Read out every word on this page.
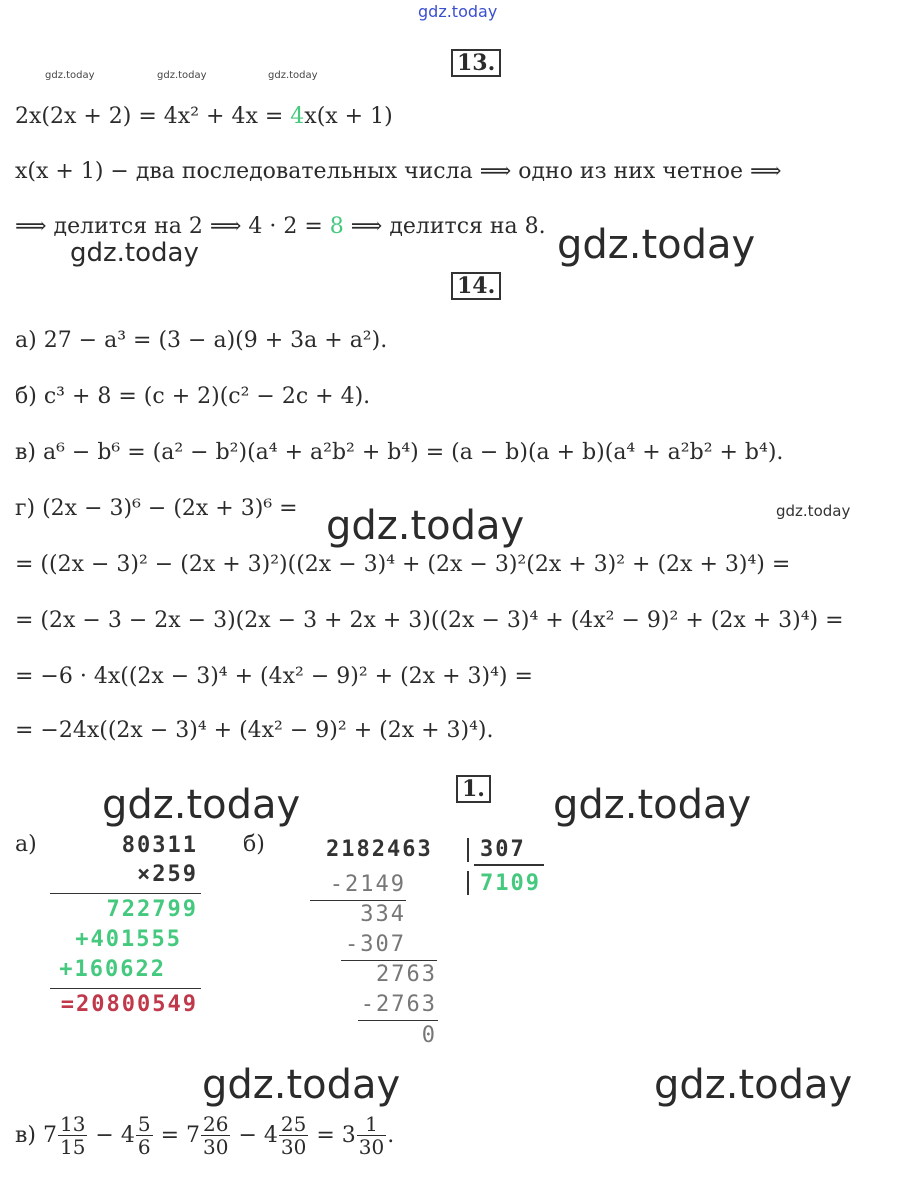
gdz.today
gdz.today	gdz.today	gdz.today
gdz.today	gdz.today
gdz.today	gdz.today
gdz.today	gdz.today
gdz.today	gdz.today
13.
2x(2x + 2) = 4x² + 4x = 4x(x + 1)
x(x + 1) − два последовательных числа ⟹ одно из них четное ⟹
⟹ делится на 2 ⟹ 4 · 2 = 8 ⟹ делится на 8.
14.
а) 27 − a³ = (3 − a)(9 + 3a + a²).
б) c³ + 8 = (c + 2)(c² − 2c + 4).
в) a⁶ − b⁶ = (a² − b²)(a⁴ + a²b² + b⁴) = (a − b)(a + b)(a⁴ + a²b² + b⁴).
г) (2x − 3)⁶ − (2x + 3)⁶ =
= ((2x − 3)² − (2x + 3)²)((2x − 3)⁴ + (2x − 3)²(2x + 3)² + (2x + 3)⁴) =
= (2x − 3 − 2x − 3)(2x − 3 + 2x + 3)((2x − 3)⁴ + (4x² − 9)² + (2x + 3)⁴) =
= −6 · 4x((2x − 3)⁴ + (4x² − 9)² + (2x + 3)⁴) =
= −24x((2x − 3)⁴ + (4x² − 9)² + (2x + 3)⁴).
1.
а)	б)
80311
×259
722799
+401555
+160622
=20800549
2182463 307
7109
-2149
334
-307
2763
-2763
0
в) $7 \frac{13}{15} - 4 \frac{5}{6} = 7 \frac{26}{30} - 4 \frac{25}{30} = 3 \frac{1}{30}$ .
